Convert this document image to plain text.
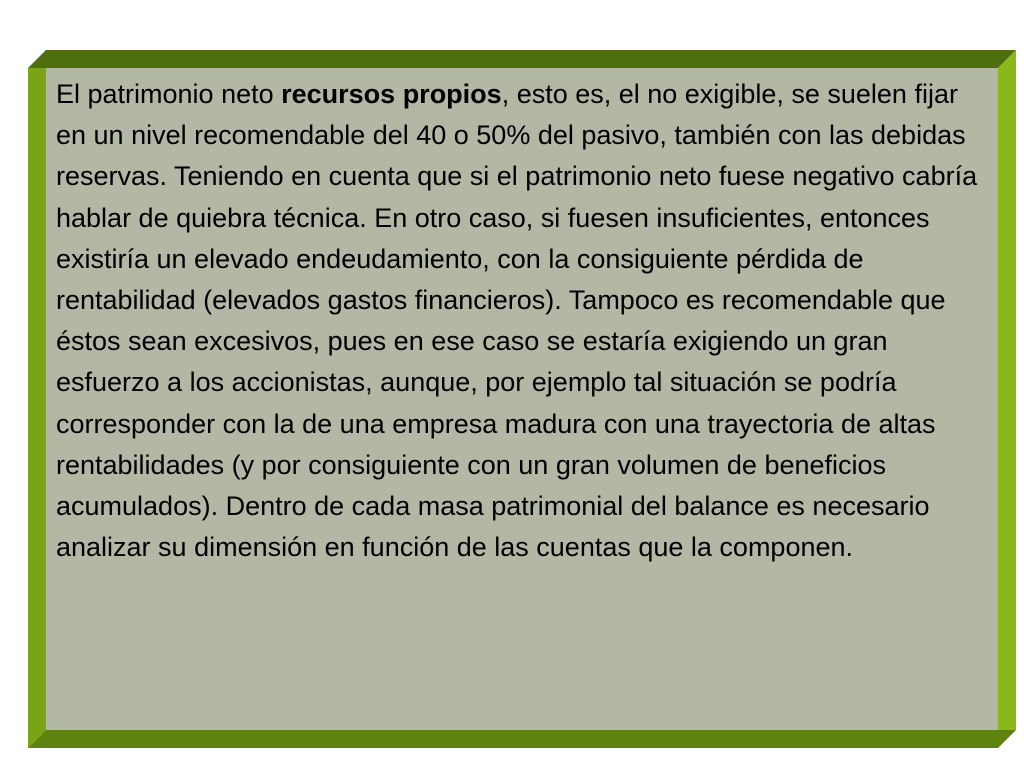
El patrimonio neto recursos propios, esto es, el no exigible, se suelen fijar en un nivel recomendable del 40 o 50% del pasivo, también con las debidas reservas. Teniendo en cuenta que si el patrimonio neto fuese negativo cabría hablar de quiebra técnica. En otro caso, si fuesen insuficientes, entonces existiría un elevado endeudamiento, con la consiguiente pérdida de rentabilidad (elevados gastos financieros). Tampoco es recomendable que éstos sean excesivos, pues en ese caso se estaría exigiendo un gran esfuerzo a los accionistas, aunque, por ejemplo tal situación se podría corresponder con la de una empresa madura con una trayectoria de altas rentabilidades (y por consiguiente con un gran volumen de beneficios acumulados). Dentro de cada masa patrimonial del balance es necesario analizar su dimensión en función de las cuentas que la componen.
